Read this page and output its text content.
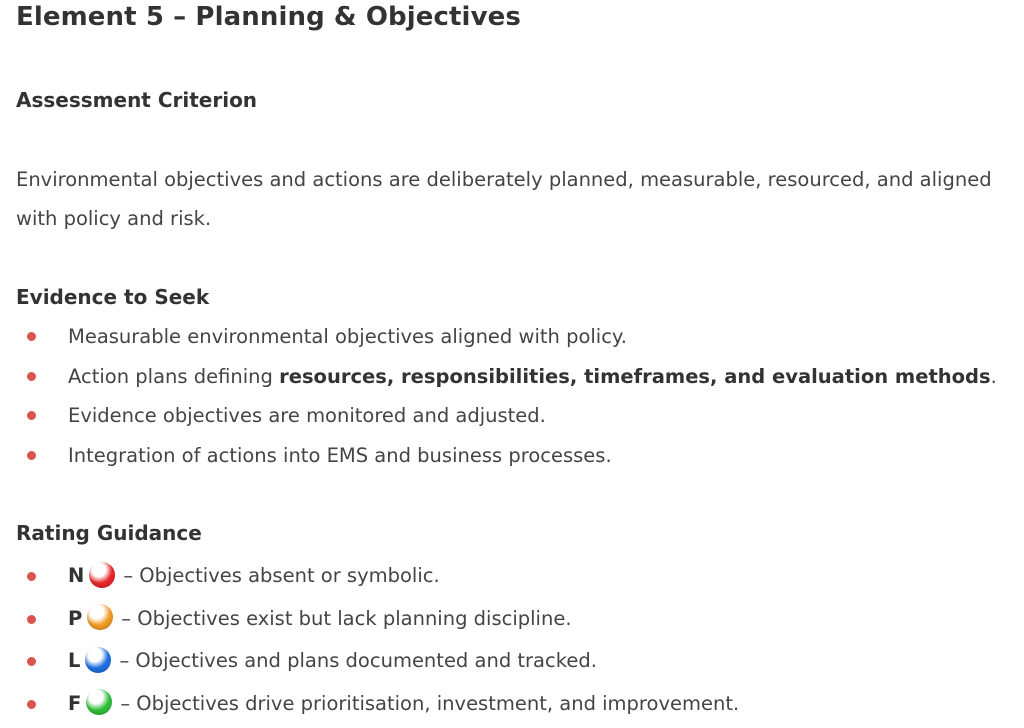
Element 5 – Planning & Objectives
Assessment Criterion

Environmental objectives and actions are deliberately planned, measurable, resourced, and aligned with policy and risk.

Evidence to Seek
Measurable environmental objectives aligned with policy.
Action plans defining resources, responsibilities, timeframes, and evaluation methods.
Evidence objectives are monitored and adjusted.
Integration of actions into EMS and business processes.
Rating Guidance
N – Objectives absent or symbolic.
P – Objectives exist but lack planning discipline.
L – Objectives and plans documented and tracked.
F – Objectives drive prioritisation, investment, and improvement.
